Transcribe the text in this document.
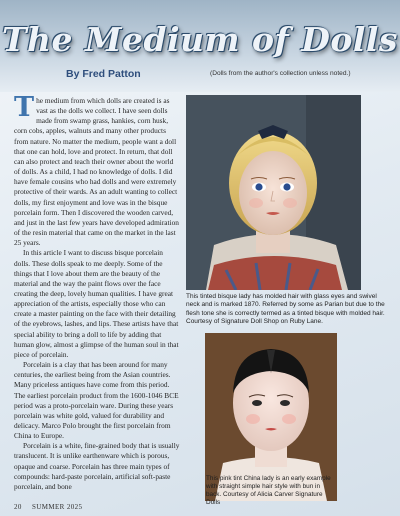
The Medium of Dolls
By Fred Patton	(Dolls from the author's collection unless noted.)

The medium from which dolls are created is as vast as the dolls we collect. I have seen dolls made from swamp grass, hankies, corn husk, corn cobs, apples, walnuts and many other products from nature. No matter the medium, people want a doll that one can hold, love and protect. In return, that doll can also protect and teach their owner about the world of dolls. As a child, I had no knowledge of dolls. I did have female cousins who had dolls and were extremely protective of their wards. As an adult wanting to collect dolls, my first enjoyment and love was in the bisque porcelain form. Then I discovered the wooden carved, and just in the last few years have developed admiration of the resin material that came on the market in the last 25 years.

In this article I want to discuss bisque porcelain dolls. These dolls speak to me deeply. Some of the things that I love about them are the beauty of the material and the way the paint flows over the face creating the deep, lovely human qualities. I have great appreciation of the artists, especially those who can create a master painting on the face with their detailing of the eyebrows, lashes, and lips. These artists have that special ability to bring a doll to life by adding that human glow, almost a glimpse of the human soul in that piece of porcelain.

Porcelain is a clay that has been around for many centuries, the earliest being from the Asian countries. Many priceless antiques have come from this period. The earliest porcelain product from the 1600-1046 BCE period was a proto-porcelain ware. During these years porcelain was white gold, valued for durability and delicacy. Marco Polo brought the first porcelain from China to Europe.

Porcelain is a white, fine-grained body that is usually translucent. It is unlike earthenware which is porous, opaque and coarse. Porcelain has three main types of compounds: hard-paste porcelain, artificial soft-paste porcelain, and bone

This tinted bisque lady has molded hair with glass eyes and swivel neck and is marked 1870. Referred by some as Parian but due to the flesh tone she is correctly termed as a tinted bisque with molded hair. Courtesy of Signature Doll Shop on Ruby Lane.
This pink tint China lady is an early example with straight simple hair style with bun in back. Courtesy of Alicia Carver Signature Dolls
20 SUMMER 2025
